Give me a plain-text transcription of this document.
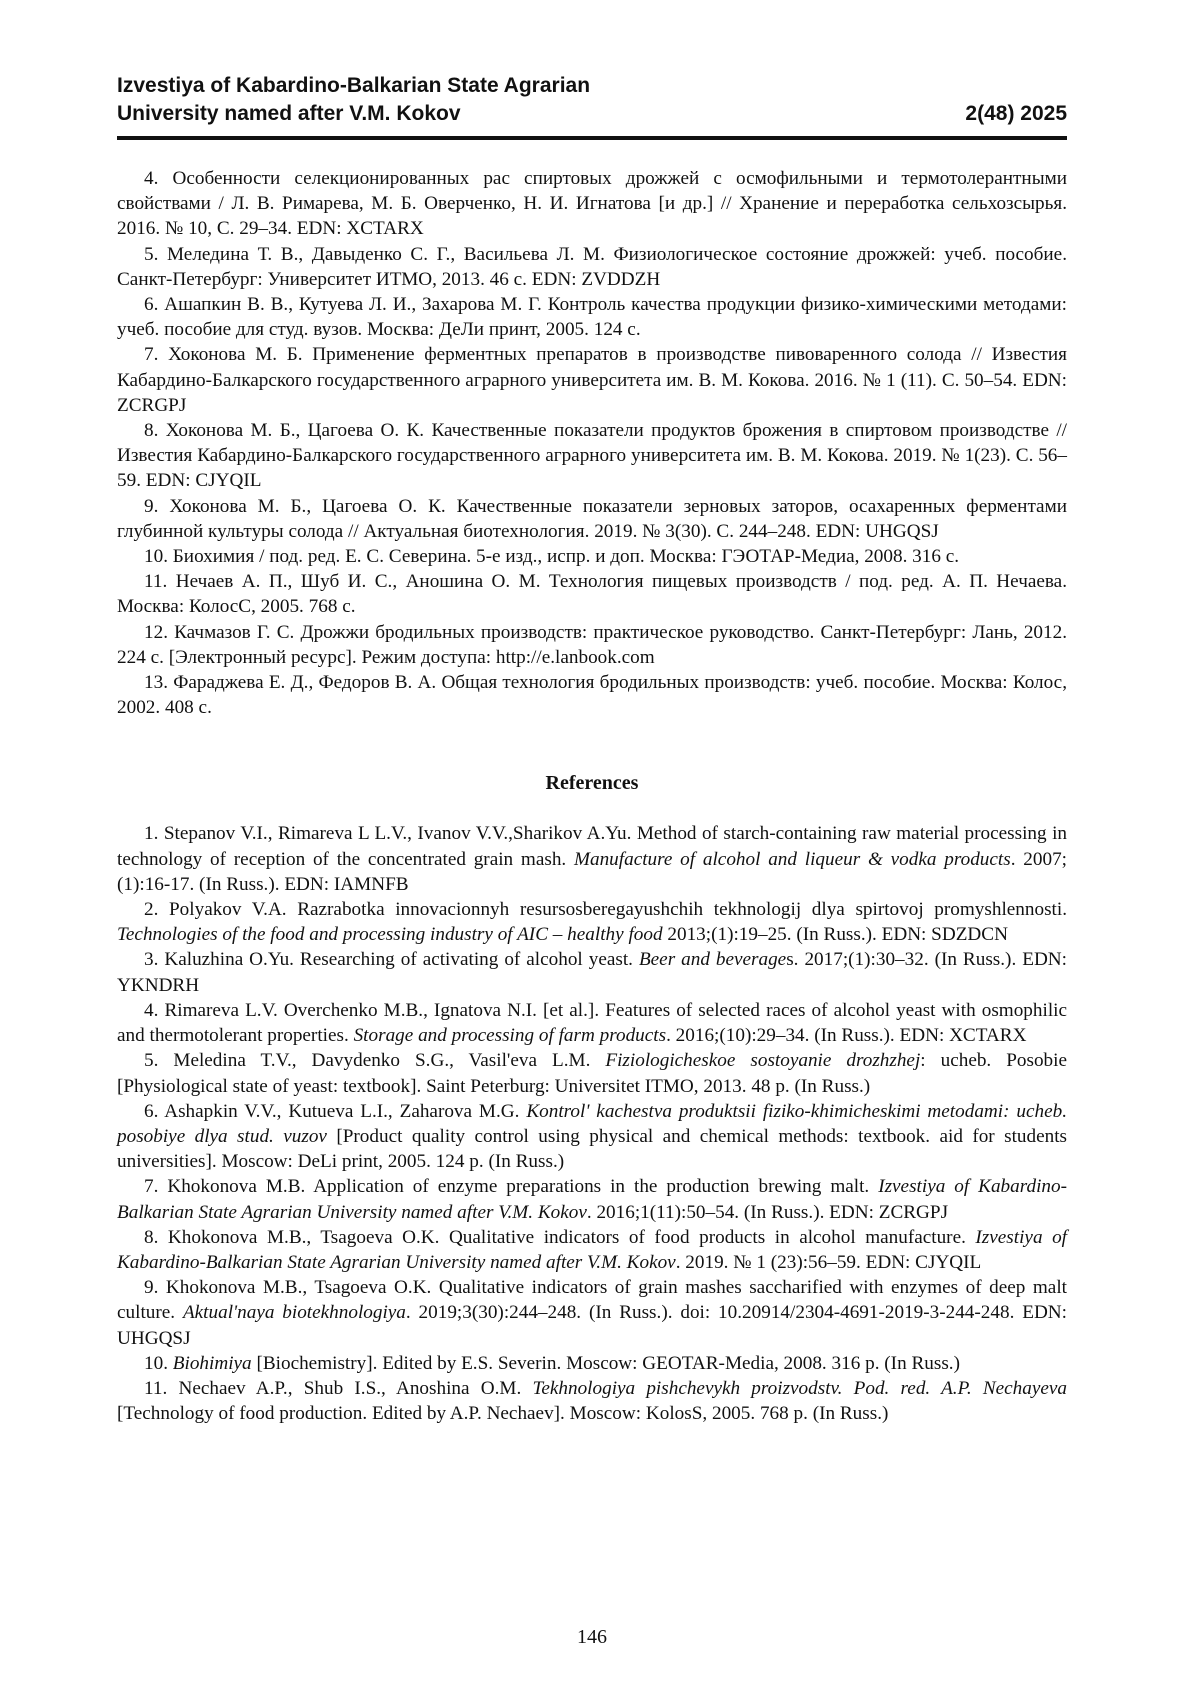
Izvestiya of Kabardino-Balkarian State Agrarian
University named after V.M. Kokov	2(48) 2025

4. Особенности селекционированных рас спиртовых дрожжей с осмофильными и термотолерантными свойствами / Л. В. Римарева, М. Б. Оверченко, Н. И. Игнатова [и др.] // Хранение и переработка сельхозсырья. 2016. № 10, С. 29–34. EDN: XCTARX

5. Меледина Т. В., Давыденко С. Г., Васильева Л. М. Физиологическое состояние дрожжей: учеб. пособие. Санкт-Петербург: Университет ИТМО, 2013. 46 с. EDN: ZVDDZH

6. Ашапкин В. В., Кутуева Л. И., Захарова М. Г. Контроль качества продукции физико-химическими методами: учеб. пособие для студ. вузов. Москва: ДеЛи принт, 2005. 124 с.

7. Хоконова М. Б. Применение ферментных препаратов в производстве пивоваренного солода // Известия Кабардино-Балкарского государственного аграрного университета им. В. М. Кокова. 2016. № 1 (11). С. 50–54. EDN: ZCRGPJ

8. Хоконова М. Б., Цагоева О. К. Качественные показатели продуктов брожения в спиртовом производстве // Известия Кабардино-Балкарского государственного аграрного университета им. В. М. Кокова. 2019. № 1(23). С. 56–59. EDN: CJYQIL

9. Хоконова М. Б., Цагоева О. К. Качественные показатели зерновых заторов, осахаренных ферментами глубинной культуры солода // Актуальная биотехнология. 2019. № 3(30). С. 244–248. EDN: UHGQSJ

10. Биохимия / под. ред. Е. С. Северина. 5-е изд., испр. и доп. Москва: ГЭОТАР-Медиа, 2008. 316 с.

11. Нечаев А. П., Шуб И. С., Аношина О. М. Технология пищевых производств / под. ред. А. П. Нечаева. Москва: КолосС, 2005. 768 с.

12. Качмазов Г. С. Дрожжи бродильных производств: практическое руководство. Санкт-Петербург: Лань, 2012. 224 с. [Электронный ресурс]. Режим доступа: http://e.lanbook.com

13. Фараджева Е. Д., Федоров В. А. Общая технология бродильных производств: учеб. пособие. Москва: Колос, 2002. 408 с.

References

1. Stepanov V.I., Rimareva L L.V., Ivanov V.V.,Sharikov A.Yu. Method of starch-containing raw material processing in technology of reception of the concentrated grain mash. Manufacture of alcohol and liqueur & vodka products. 2007;(1):16-17. (In Russ.). EDN: IAMNFB

2. Polyakov V.A. Razrabotka innovacionnyh resursosberegayushchih tekhnologij dlya spirtovoj promyshlennosti. Technologies of the food and processing industry of AIC – healthy food 2013;(1):19–25. (In Russ.). EDN: SDZDCN

3. Kaluzhina O.Yu. Researching of activating of alcohol yeast. Beer and beverages. 2017;(1):30–32. (In Russ.). EDN: YKNDRH

4. Rimareva L.V. Overchenko M.B., Ignatova N.I. [et al.]. Features of selected races of alcohol yeast with osmophilic and thermotolerant properties. Storage and processing of farm products. 2016;(10):29–34. (In Russ.). EDN: XCTARX

5. Meledina T.V., Davydenko S.G., Vasil'eva L.M. Fiziologicheskoe sostoyanie drozhzhej: ucheb. Posobie [Physiological state of yeast: textbook]. Saint Peterburg: Universitet ITMO, 2013. 48 p. (In Russ.)

6. Ashapkin V.V., Kutueva L.I., Zaharova M.G. Kontrol' kachestva produktsii fiziko-khimicheskimi metodami: ucheb. posobiye dlya stud. vuzov [Product quality control using physical and chemical methods: textbook. aid for students universities]. Moscow: DeLi print, 2005. 124 p. (In Russ.)

7. Khokonova M.B. Application of enzyme preparations in the production brewing malt. Izvestiya of Kabardino-Balkarian State Agrarian University named after V.M. Kokov. 2016;1(11):50–54. (In Russ.). EDN: ZCRGPJ

8. Khokonova M.B., Tsagoeva O.K. Qualitative indicators of food products in alcohol manufacture. Izvestiya of Kabardino-Balkarian State Agrarian University named after V.M. Kokov. 2019. № 1 (23):56–59. EDN: CJYQIL

9. Khokonova M.B., Tsagoeva O.K. Qualitative indicators of grain mashes saccharified with enzymes of deep malt culture. Aktual'naya biotekhnologiya. 2019;3(30):244–248. (In Russ.). doi: 10.20914/2304-4691-2019-3-244-248. EDN: UHGQSJ

10. Biohimiya [Biochemistry]. Edited by E.S. Severin. Moscow: GEOTAR-Media, 2008. 316 p. (In Russ.)

11. Nechaev A.P., Shub I.S., Anoshina O.M. Tekhnologiya pishchevykh proizvodstv. Pod. red. A.P. Nechayeva [Technology of food production. Edited by A.P. Nechaev]. Moscow: KolosS, 2005. 768 p. (In Russ.)

146
